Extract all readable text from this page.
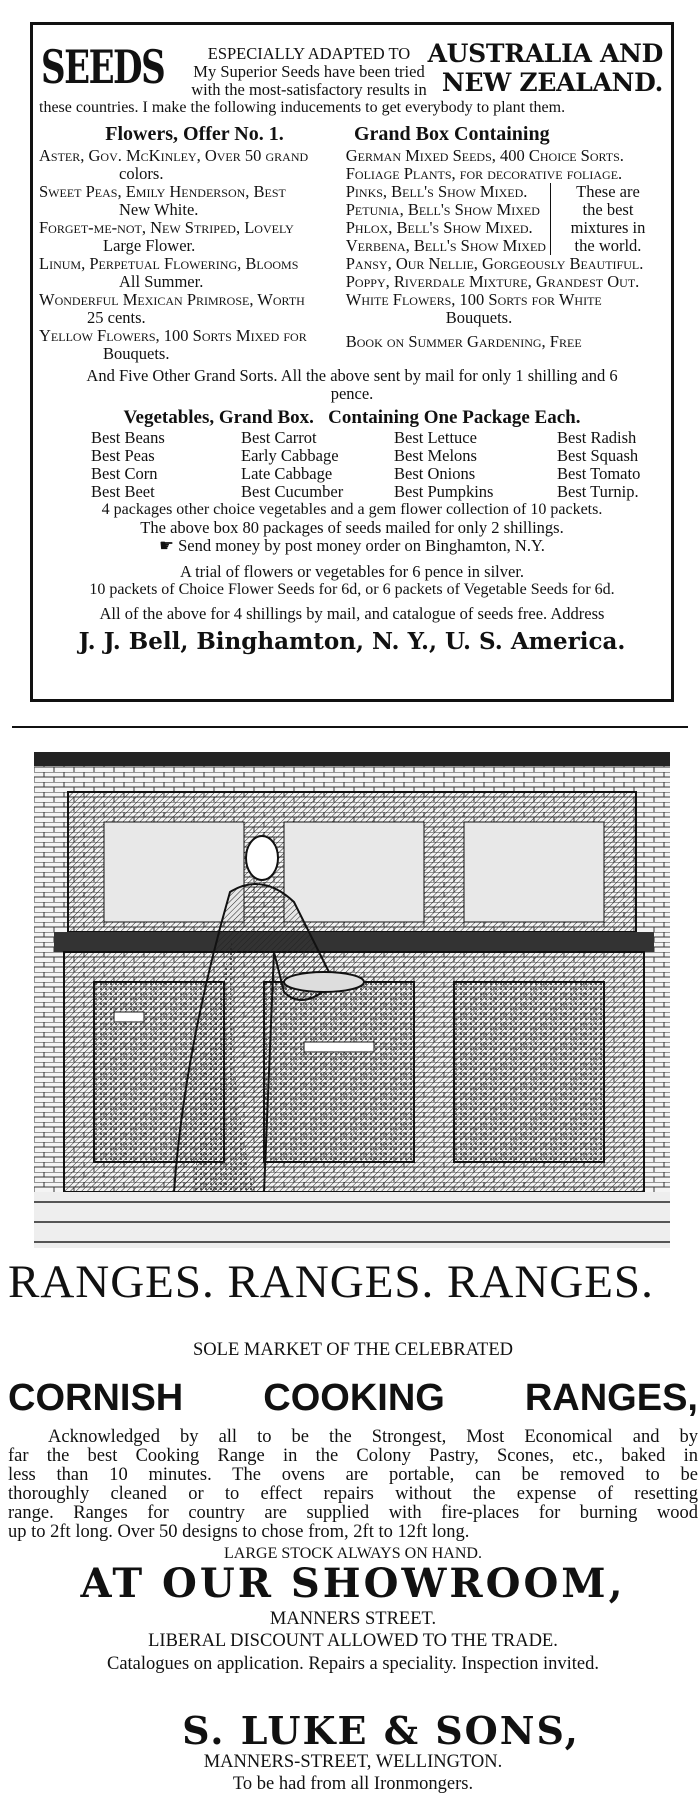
SEEDS	ESPECIALLY ADAPTED TO
My Superior Seeds have been tried
with the most-satisfactory results in
AUSTRALIA AND
NEW ZEALAND.
these countries. I make the following inducements to get everybody to plant them.
Flowers, Offer No. 1.	Grand Box Containing
Aster, Gov. McKinley, Over 50 grand
colors.
Sweet Peas, Emily Henderson, Best
New White.
Forget-me-not, New Striped, Lovely
Large Flower.
Linum, Perpetual Flowering, Blooms
All Summer.
Wonderful Mexican Primrose, Worth
25 cents.
Yellow Flowers, 100 Sorts Mixed for
Bouquets.
German Mixed Seeds, 400 Choice Sorts.
Foliage Plants, for decorative foliage.
Pinks, Bell's Show Mixed.
Petunia, Bell's Show Mixed
Phlox, Bell's Show Mixed.
Verbena, Bell's Show Mixed
These are
the best
mixtures in
the world.
Pansy, Our Nellie, Gorgeously Beautiful.
Poppy, Riverdale Mixture, Grandest Out.
White Flowers, 100 Sorts for White
Bouquets.
Book on Summer Gardening, Free
And Five Other Grand Sorts. All the above sent by mail for only 1 shilling and 6
pence.
Vegetables, Grand Box. Containing One Package Each.
Best Beans	Best Carrot	Best Lettuce	Best Radish
Best Peas	Early Cabbage	Best Melons	Best Squash
Best Corn	Late Cabbage	Best Onions	Best Tomato
Best Beet	Best Cucumber	Best Pumpkins	Best Turnip.
4 packages other choice vegetables and a gem flower collection of 10 packets.
The above box 80 packages of seeds mailed for only 2 shillings.
☛ Send money by post money order on Binghamton, N.Y.
A trial of flowers or vegetables for 6 pence in silver.
10 packets of Choice Flower Seeds for 6d, or 6 packets of Vegetable Seeds for 6d.
All of the above for 4 shillings by mail, and catalogue of seeds free. Address
J. J. Bell, Binghamton, N. Y., U. S. America.
RANGES. RANGES. RANGES.
SOLE MARKET OF THE CELEBRATED
CORNISH COOKING RANGES,
Acknowledged by all to be the Strongest, Most Economical and by
far the best Cooking Range in the Colony Pastry, Scones, etc., baked in
less than 10 minutes. The ovens are portable, can be removed to be
thoroughly cleaned or to effect repairs without the expense of resetting
range. Ranges for country are supplied with fire-places for burning wood
up to 2ft long. Over 50 designs to chose from, 2ft to 12ft long.
LARGE STOCK ALWAYS ON HAND.
AT OUR SHOWROOM,
MANNERS STREET.
LIBERAL DISCOUNT ALLOWED TO THE TRADE.
Catalogues on application. Repairs a speciality. Inspection invited.
S. LUKE & SONS,
MANNERS-STREET, WELLINGTON.
To be had from all Ironmongers.
